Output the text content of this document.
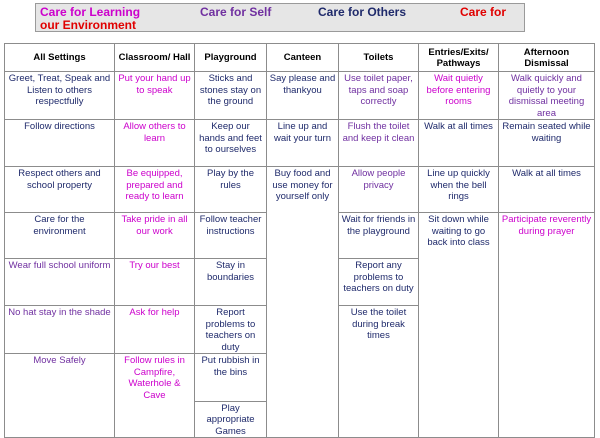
Care for Learning	Care for Self	Care for Others	Care for
our Environment
All Settings	Classroom/ Hall	Playground	Canteen	Toilets	Entries/Exits/ Pathways	Afternoon Dismissal
Greet, Treat, Speak and Listen to others respectfully	Put your hand up to speak	Sticks and stones stay on the ground	Say please and thankyou	Use toilet paper, taps and soap correctly	Wait quietly before entering rooms	Walk quickly and quietly to your dismissal meeting area
Follow directions	Allow others to learn	Keep our hands and feet to ourselves	Line up and wait your turn	Flush the toilet and keep it clean	Walk at all times	Remain seated while waiting
Respect others and school property	Be equipped, prepared and ready to learn	Play by the rules	Buy food and use money for yourself only	Allow people privacy	Line up quickly when the bell rings	Walk at all times
Care for the environment	Take pride in all our work	Follow teacher instructions		Wait for friends in the playground	Sit down while waiting to go back into class	Participate reverently during prayer
Wear full school uniform	Try our best	Stay in boundaries		Report any problems to teachers on duty		
No hat stay in the shade	Ask for help	Report problems to teachers on duty		Use the toilet during break times		
Move Safely	Follow rules in Campfire, Waterhole & Cave	Put rubbish in the bins				
		Play appropriate Games				
